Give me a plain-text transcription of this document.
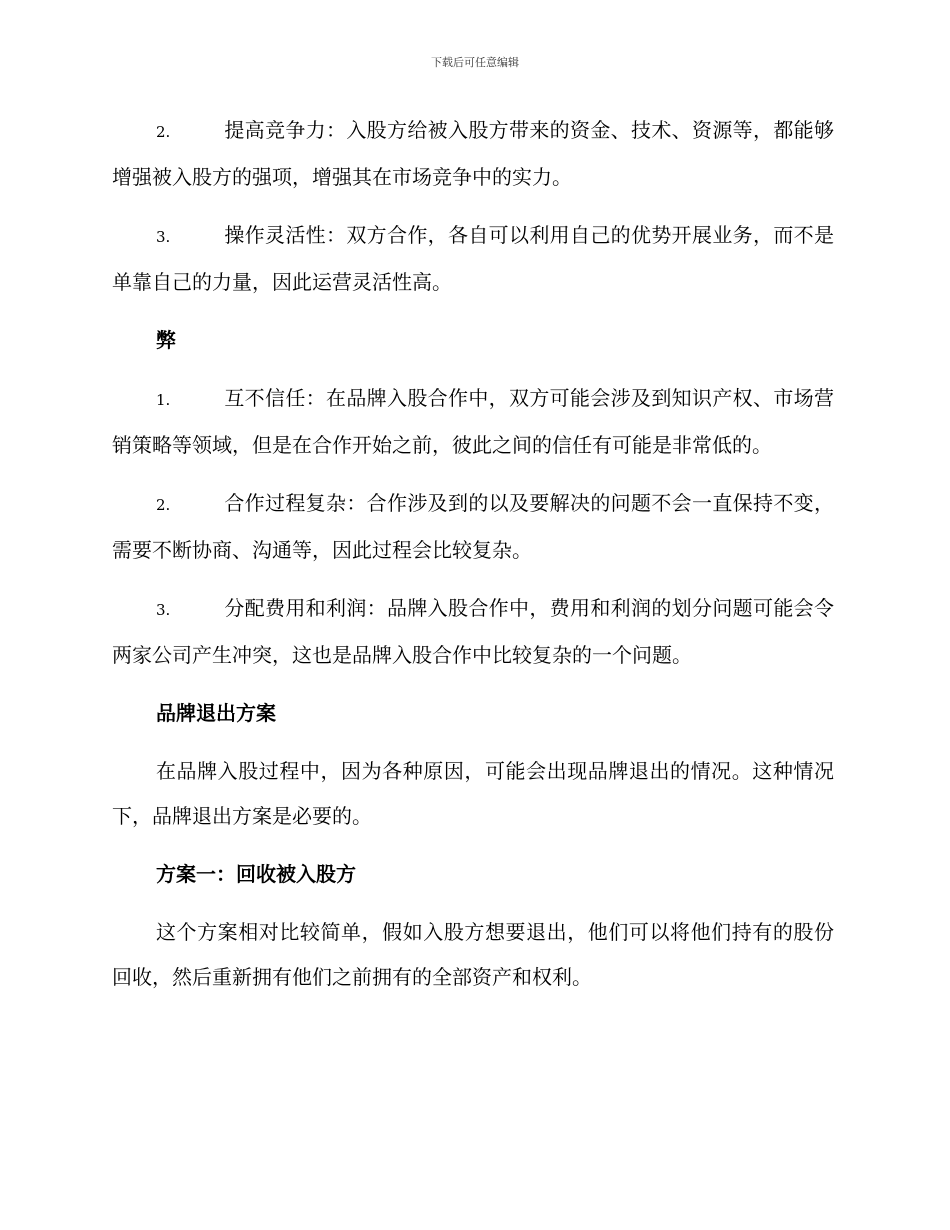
下载后可任意编辑

2.	提高竞争力：入股方给被入股方带来的资金、技术、资源等，都能够增强被入股方的强项，增强其在市场竞争中的实力。

3.	操作灵活性：双方合作，各自可以利用自己的优势开展业务，而不是单靠自己的力量，因此运营灵活性高。

弊

1.	互不信任：在品牌入股合作中，双方可能会涉及到知识产权、市场营销策略等领域，但是在合作开始之前，彼此之间的信任有可能是非常低的。

2.	合作过程复杂：合作涉及到的以及要解决的问题不会一直保持不变，需要不断协商、沟通等，因此过程会比较复杂。

3.	分配费用和利润：品牌入股合作中，费用和利润的划分问题可能会令两家公司产生冲突，这也是品牌入股合作中比较复杂的一个问题。

品牌退出方案

在品牌入股过程中，因为各种原因，可能会出现品牌退出的情况。这种情况下，品牌退出方案是必要的。

方案一：回收被入股方

这个方案相对比较简单，假如入股方想要退出，他们可以将他们持有的股份回收，然后重新拥有他们之前拥有的全部资产和权利。
